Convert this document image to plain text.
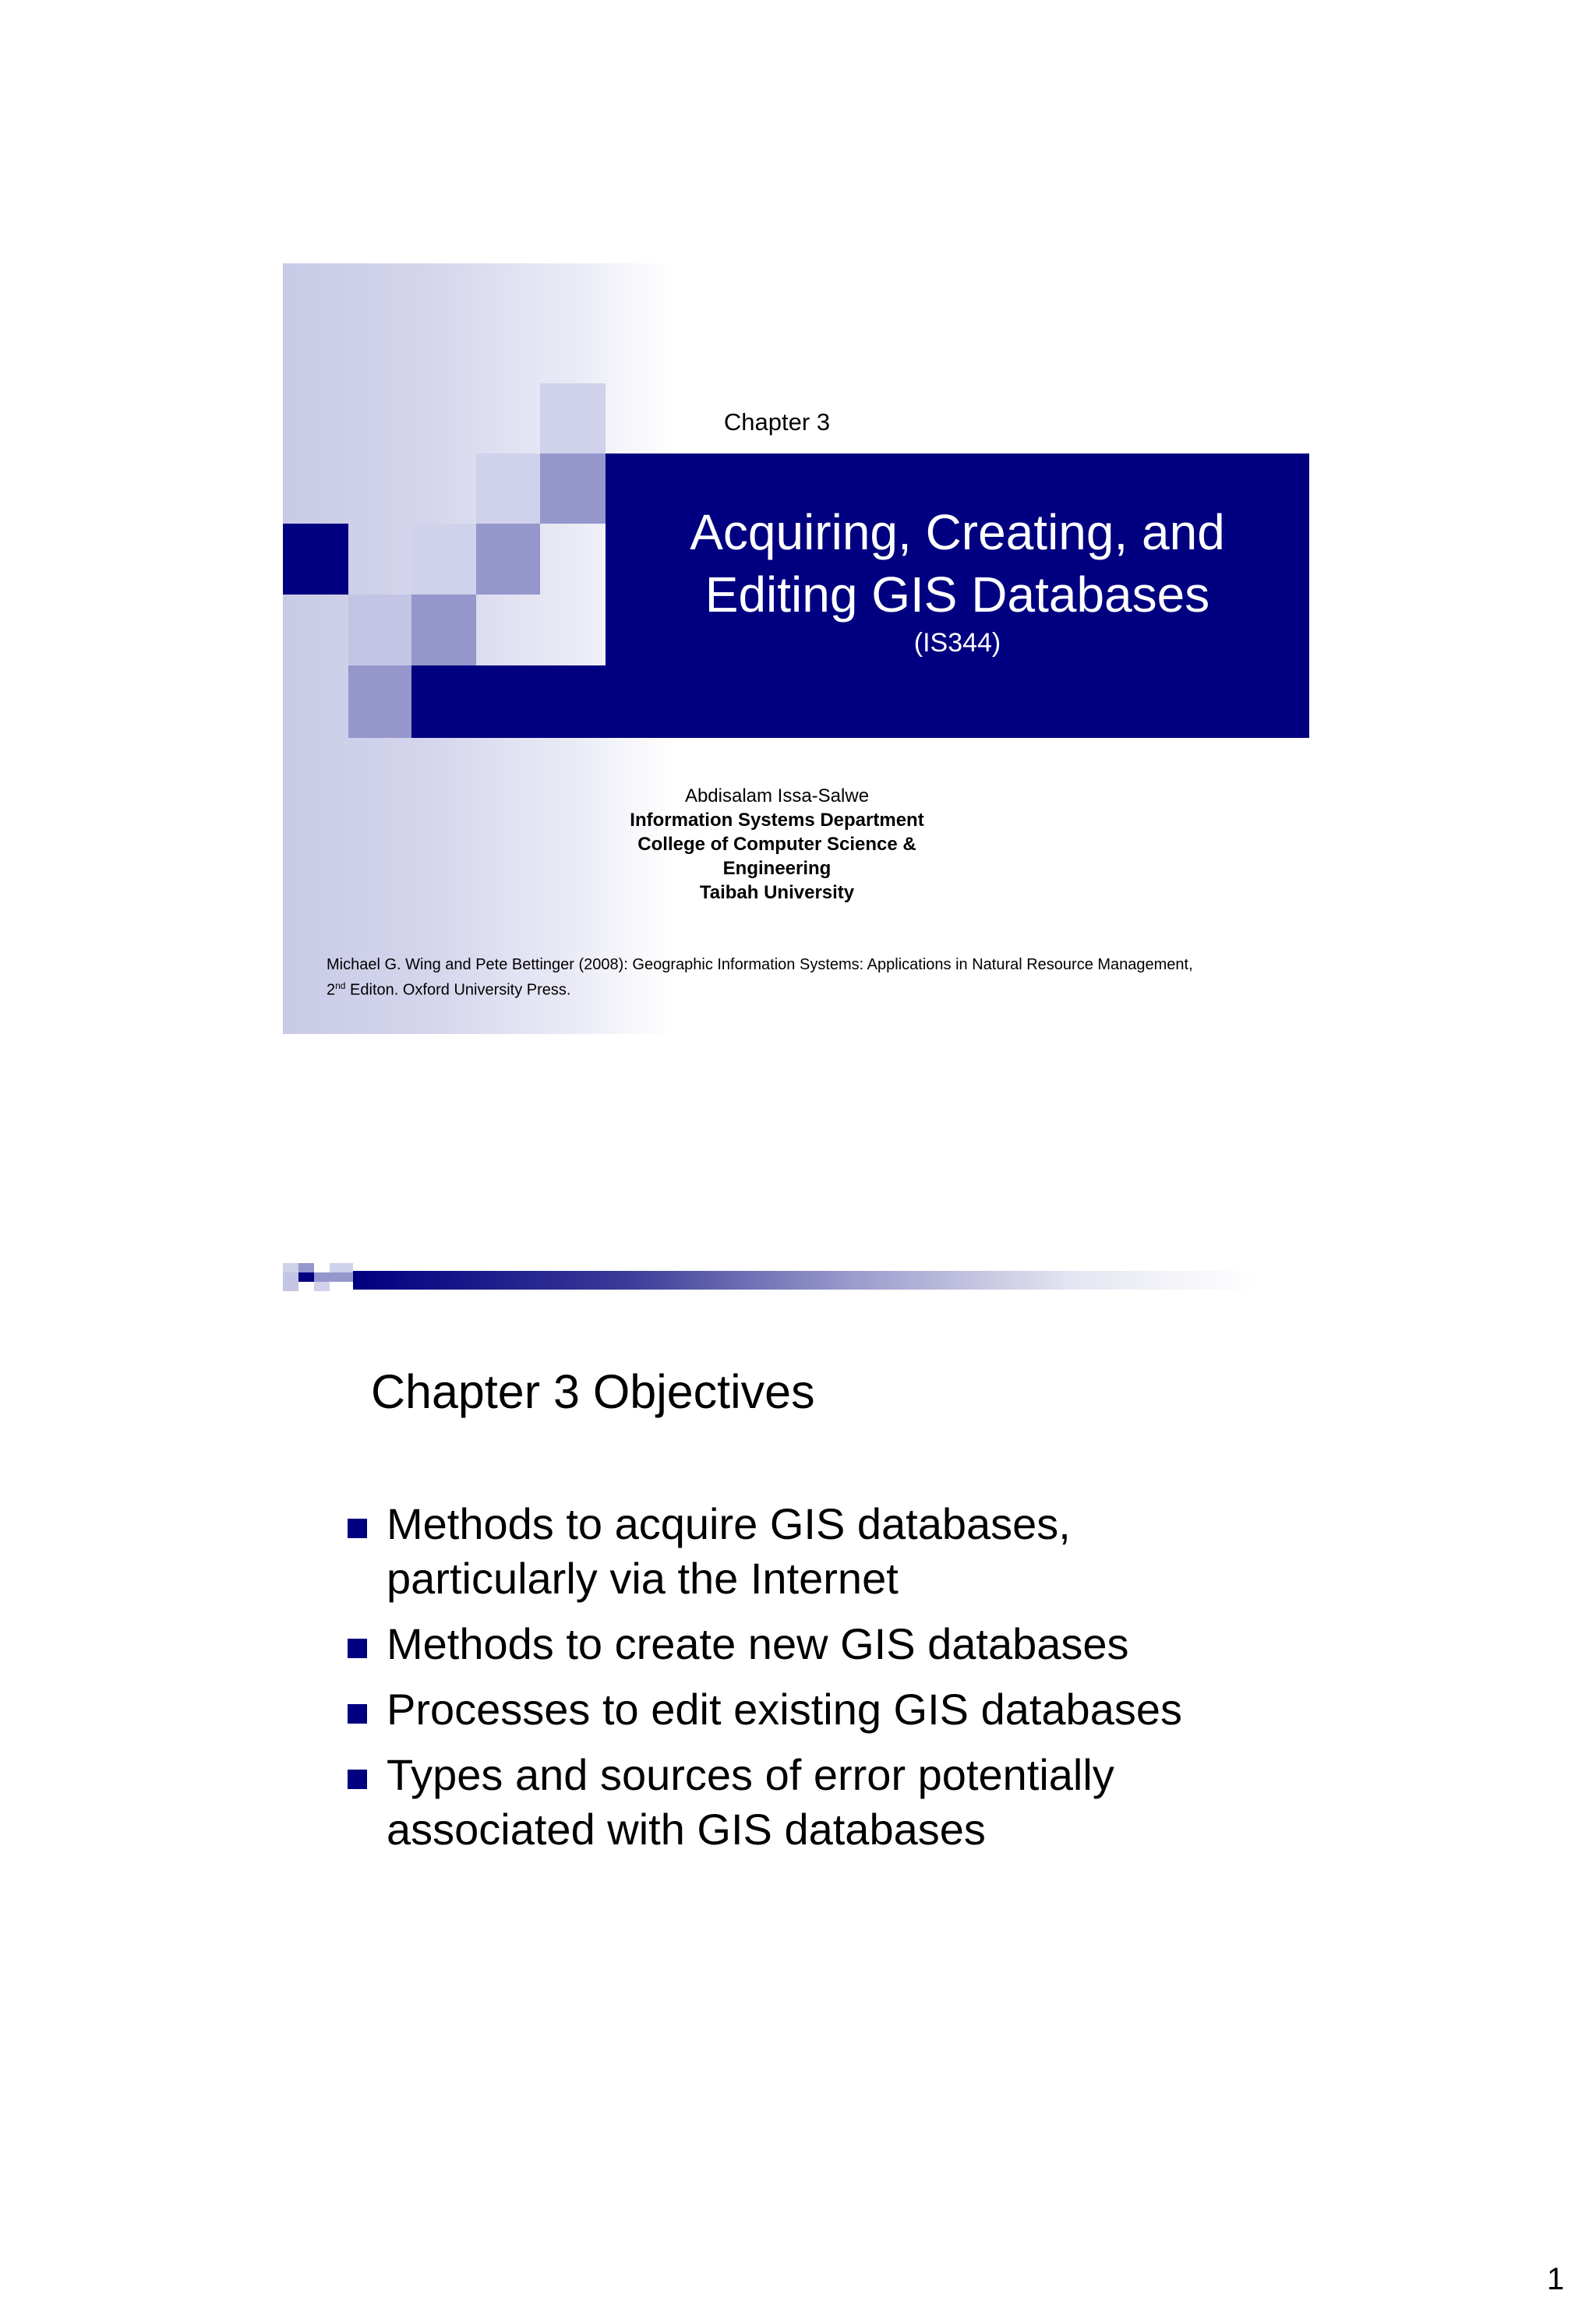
Chapter 3
Acquiring, Creating, and
Editing GIS Databases
(IS344)
Abdisalam Issa-Salwe
Information Systems Department
College of Computer Science & Engineering
Taibah University
Michael G. Wing and Pete Bettinger (2008): Geographic Information Systems: Applications in Natural Resource Management,
2nd Editon. Oxford University Press.
Chapter 3 Objectives
Methods to acquire GIS databases,
particularly via the Internet
Methods to create new GIS databases
Processes to edit existing GIS databases
Types and sources of error potentially
associated with GIS databases
1
